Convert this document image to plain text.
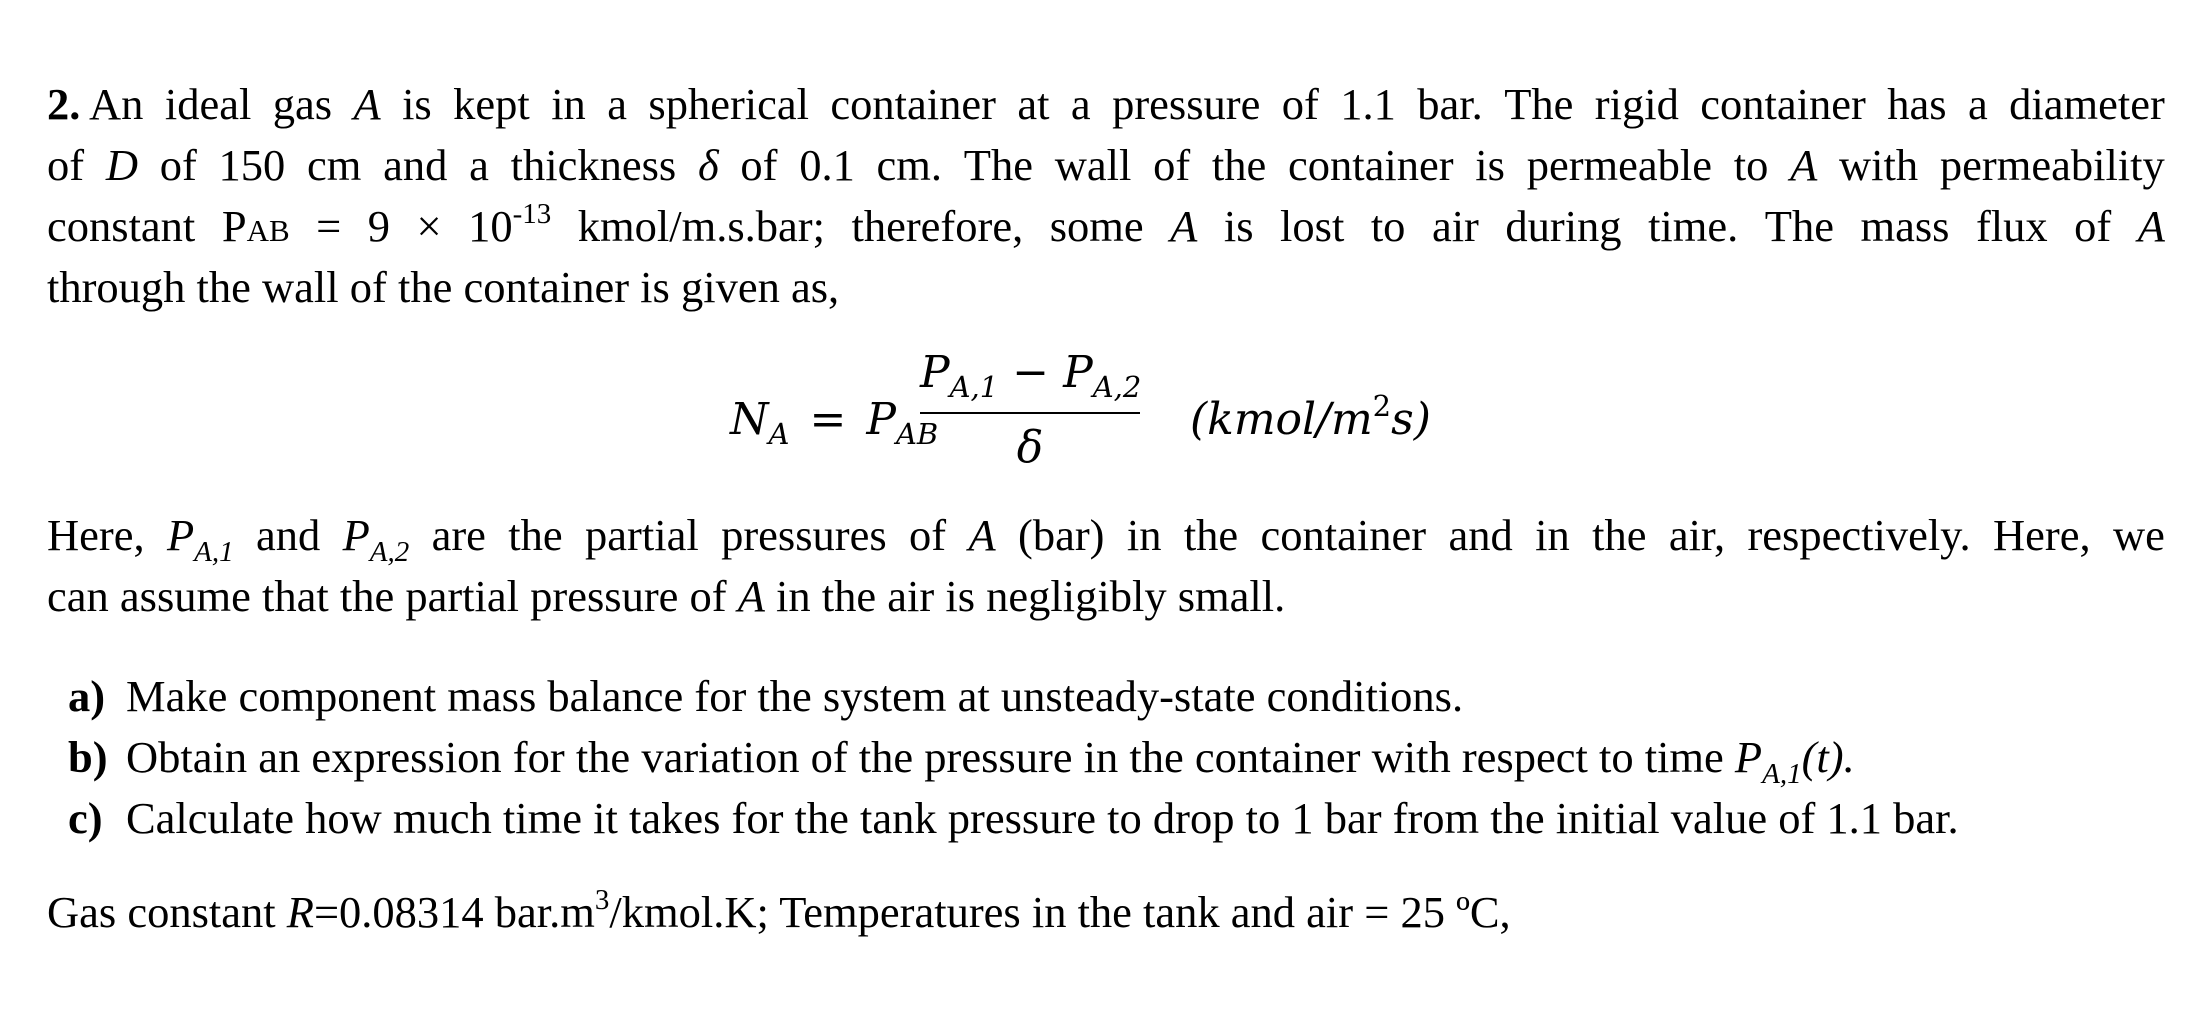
2. An ideal gas A is kept in a spherical container at a pressure of 1.1 bar. The rigid container has a diameter
of D of 150 cm and a thickness δ of 0.1 cm. The wall of the container is permeable to A with permeability
constant PAB = $9 \times 10^{-13}$ kmol/m.s.bar; therefore, some A is lost to air during time. The mass flux of A
through the wall of the container is given as,
$N_A = P_{AB}$
$P_{A,1} - P_{A,2}$
δ
$(kmol/m^2s)$
Here, $P_{A,1}$ and $P_{A,2}$ are the partial pressures of A (bar) in the container and in the air, respectively. Here, we
can assume that the partial pressure of A in the air is negligibly small.
a) Make component mass balance for the system at unsteady-state conditions.
b) Obtain an expression for the variation of the pressure in the container with respect to time $P_{A,1}(t)$.
c) Calculate how much time it takes for the tank pressure to drop to 1 bar from the initial value of 1.1 bar.
Gas constant R=0.08314 $bar.m^3/kmol.K$; Temperatures in the tank and air = 25 ºC,
